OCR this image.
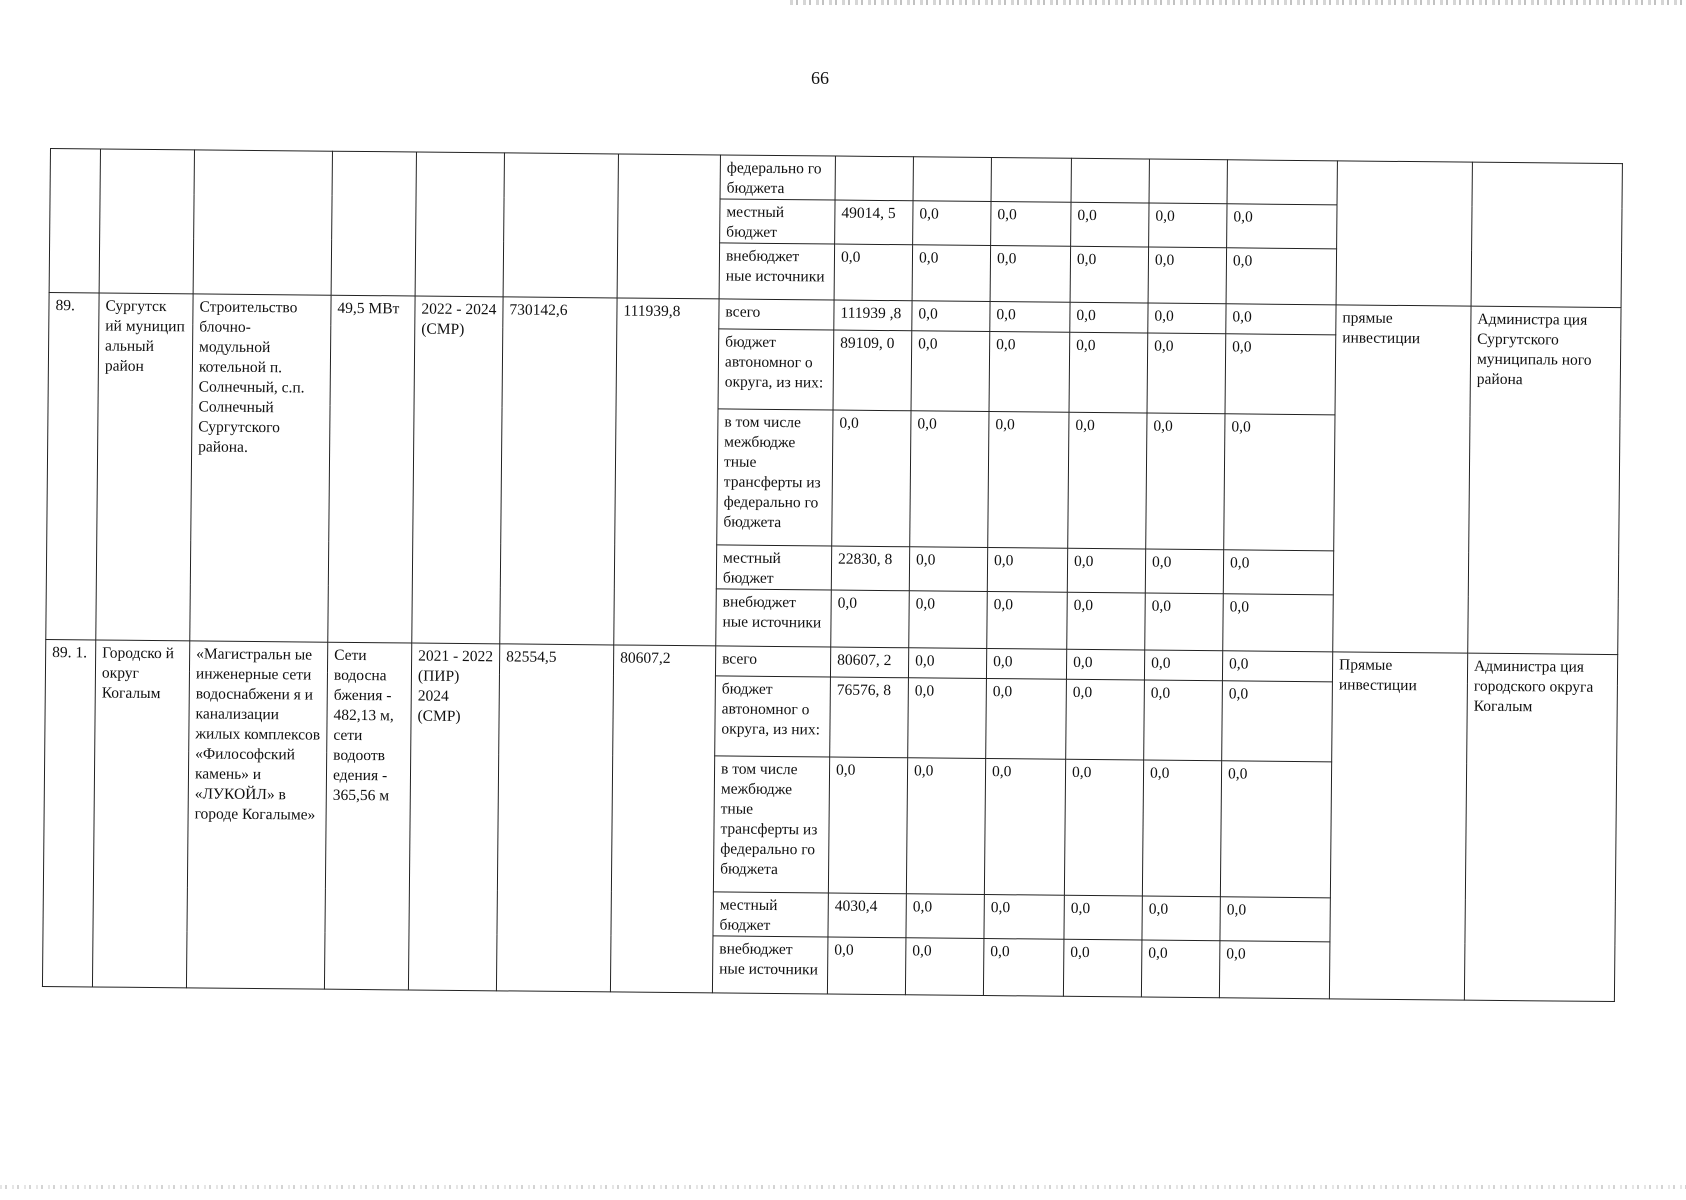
66
							федерально го бюджета								
							местный бюджет	49014, 5	0,0	0,0	0,0	0,0	0,0		
							внебюджет ные источники	0,0	0,0	0,0	0,0	0,0	0,0		
89.	Сургутск ий муницип альный район	Строительство блочно- модульной котельной п. Солнечный, с.п. Солнечный Сургутского района.	49,5 МВт	2022 - 2024 (СМР)	730142,6	111939,8	всего	111939 ,8	0,0	0,0	0,0	0,0	0,0	прямые инвестиции	Администра ция Сургутского муниципаль ного района
							бюджет автономног о округа, из них:	89109, 0	0,0	0,0	0,0	0,0	0,0		
							в том числе межбюдже тные трансферты из федерально го бюджета	0,0	0,0	0,0	0,0	0,0	0,0		
							местный бюджет	22830, 8	0,0	0,0	0,0	0,0	0,0		
							внебюджет ные источники	0,0	0,0	0,0	0,0	0,0	0,0		
89. 1.	Городско й округ Когалым	«Магистральн ые инженерные сети водоснабжени я и канализации жилых комплексов «Философский камень» и «ЛУКОЙЛ» в городе Когалыме»	Сети водосна бжения - 482,13 м, сети водоотв едения - 365,56 м	2021 - 2022 (ПИР) 2024 (СМР)	82554,5	80607,2	всего	80607, 2	0,0	0,0	0,0	0,0	0,0	Прямые инвестиции	Администра ция городского округа Когалым
							бюджет автономног о округа, из них:	76576, 8	0,0	0,0	0,0	0,0	0,0		
							в том числе межбюдже тные трансферты из федерально го бюджета	0,0	0,0	0,0	0,0	0,0	0,0		
							местный бюджет	4030,4	0,0	0,0	0,0	0,0	0,0		
							внебюджет ные источники	0,0	0,0	0,0	0,0	0,0	0,0		
